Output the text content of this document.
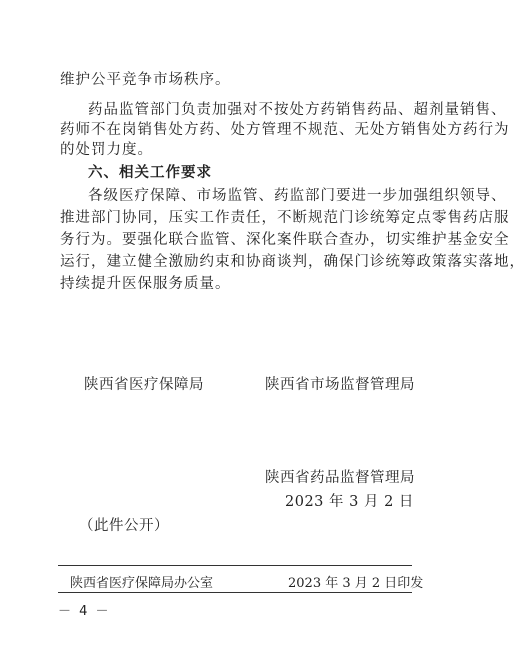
维护公平竞争市场秩序。
药品监管部门负责加强对不按处方药销售药品、超剂量销售、
药师不在岗销售处方药、处方管理不规范、无处方销售处方药行为
的处罚力度。
六、相关工作要求
各级医疗保障、市场监管、药监部门要进一步加强组织领导、
推进部门协同，压实工作责任，不断规范门诊统筹定点零售药店服
务行为。要强化联合监管、深化案件联合查办，切实维护基金安全
运行，建立健全激励约束和协商谈判，确保门诊统筹政策落实落地，
持续提升医保服务质量。
陕西省医疗保障局	陕西省市场监督管理局
陕西省药品监督管理局
2023 年 3 月 2 日
（此件公开）
陕西省医疗保障局办公室	2023 年 3 月 2 日印发
－ 4 －
